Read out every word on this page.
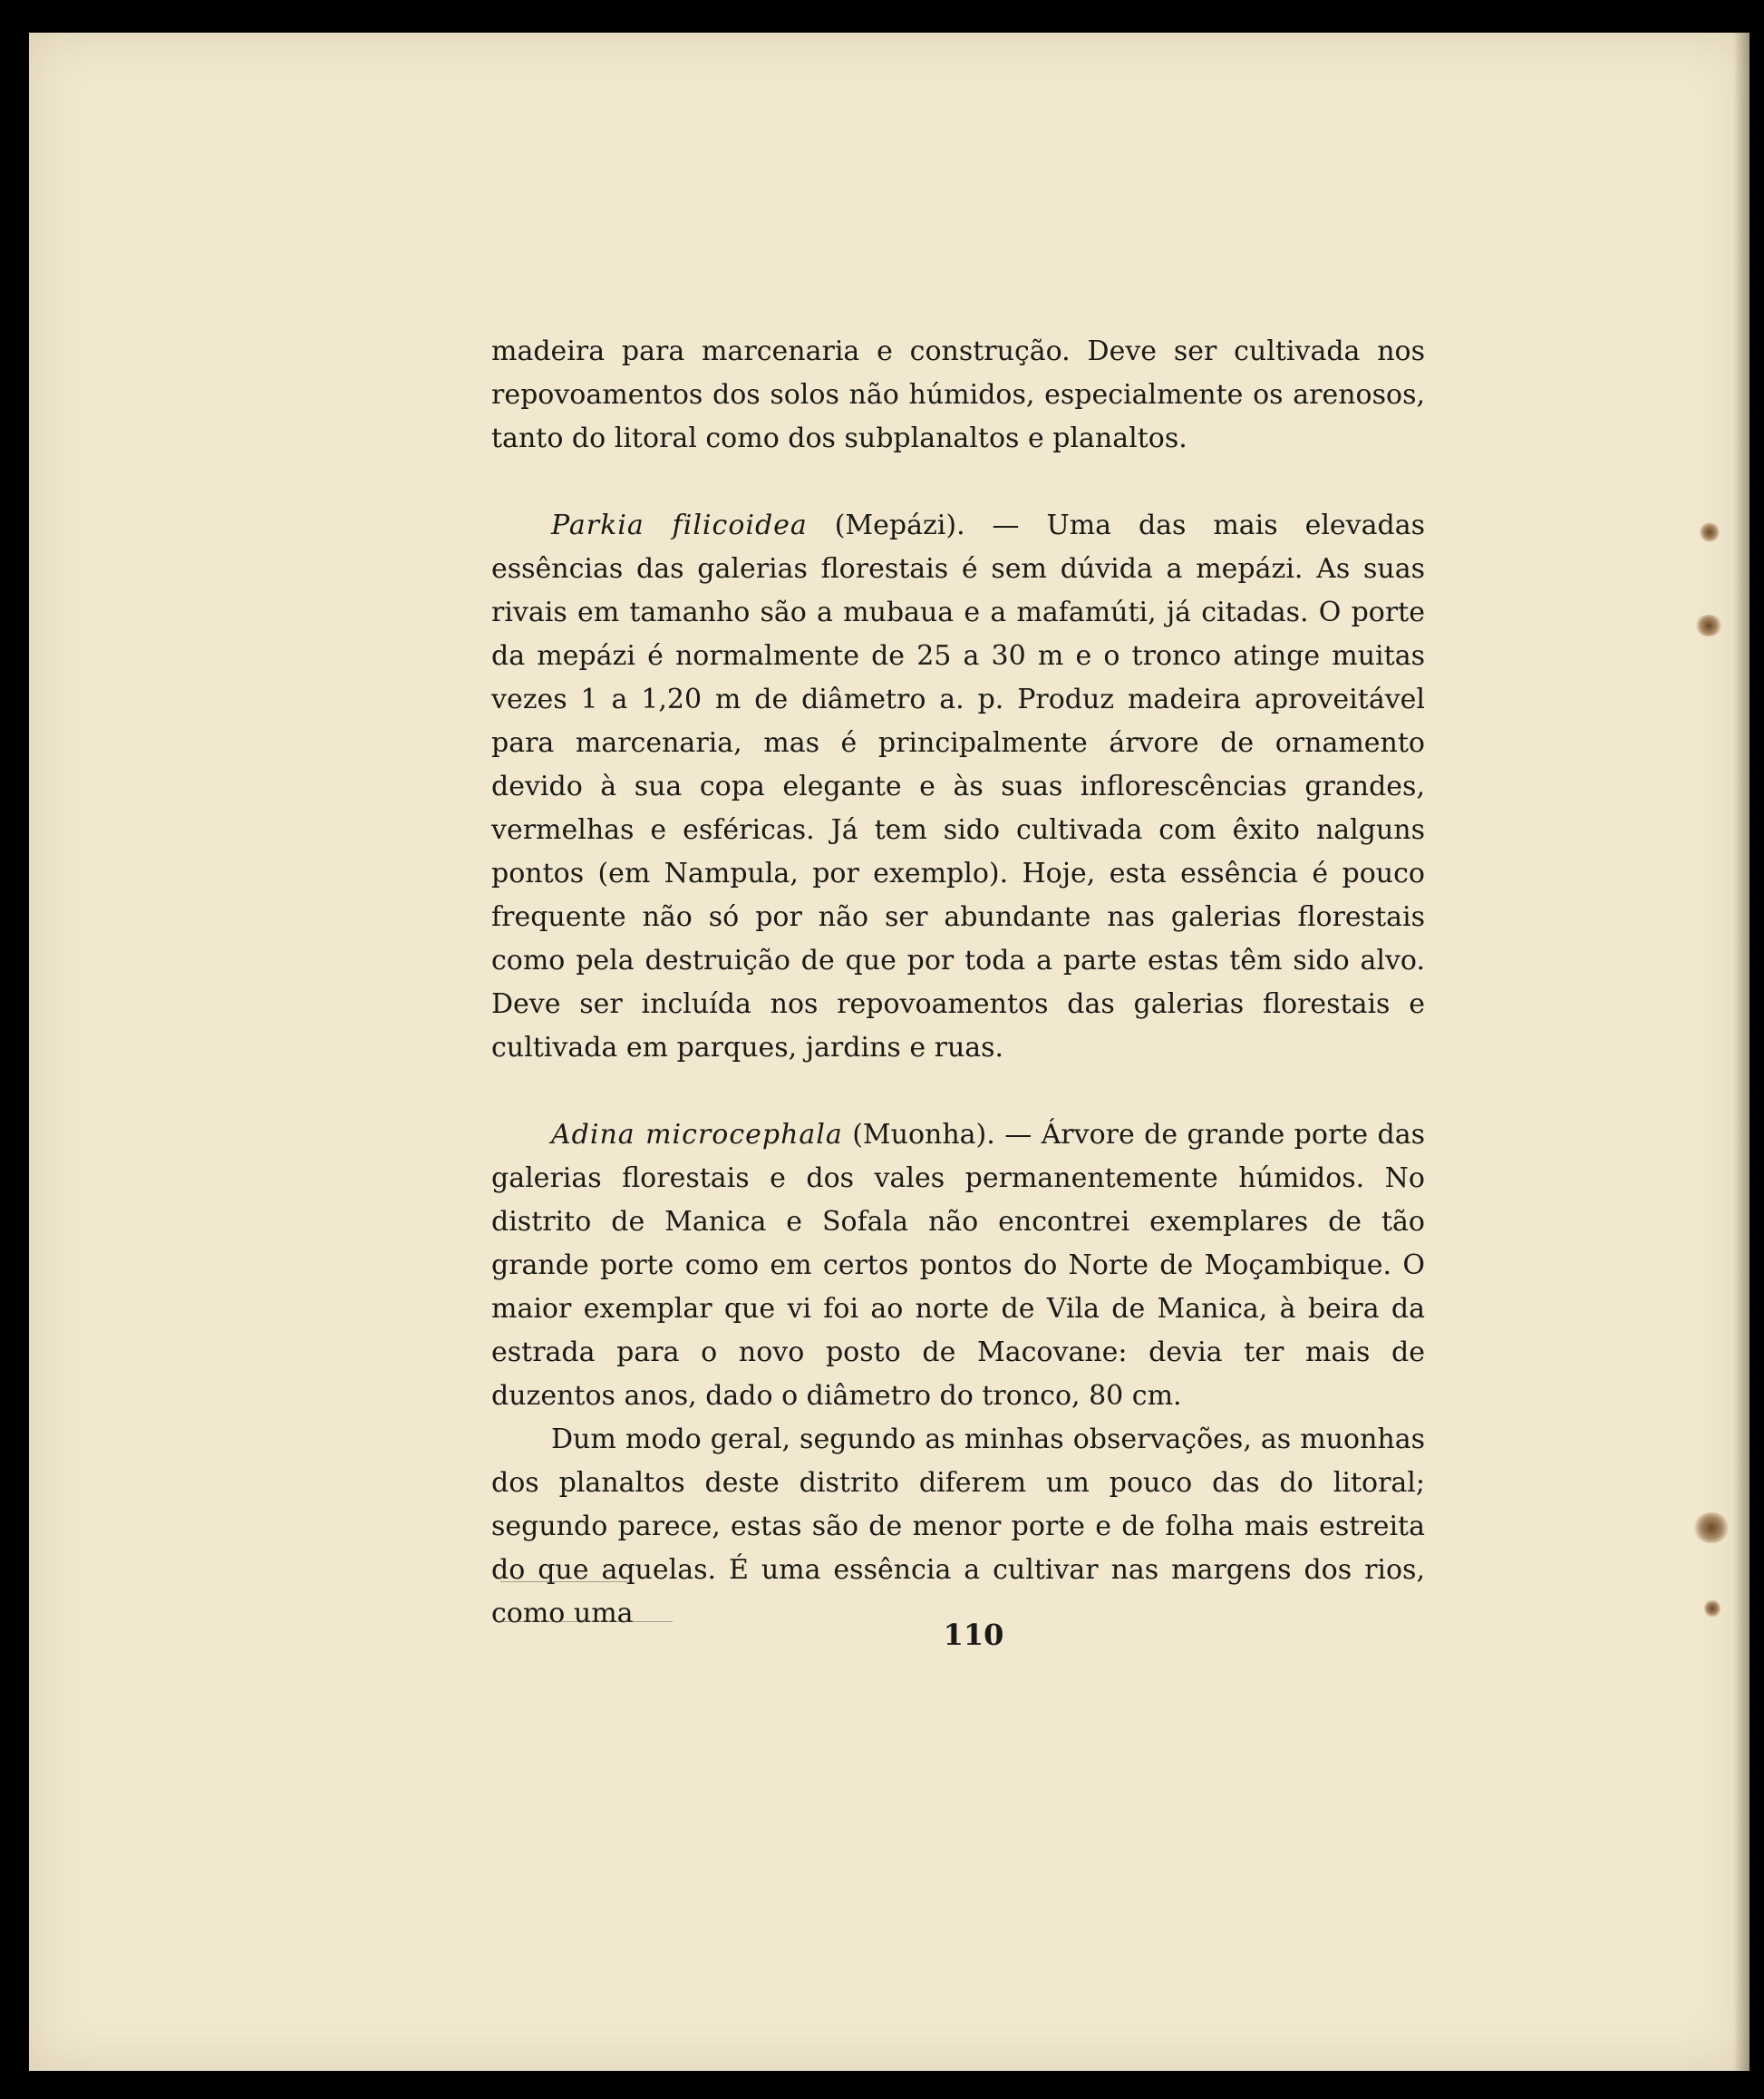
madeira para marcenaria e construção. Deve ser cultivada nos repovoamentos dos solos não húmidos, especialmente os arenosos, tanto do litoral como dos subplanaltos e planaltos.

Parkia filicoidea (Mepázi). — Uma das mais elevadas essências das galerias florestais é sem dúvida a mepázi. As suas rivais em tamanho são a mubaua e a mafamúti, já citadas. O porte da mepázi é normalmente de 25 a 30 m e o tronco atinge muitas vezes 1 a 1,20 m de diâmetro a. p. Produz madeira aproveitável para marcenaria, mas é principalmente árvore de ornamento devido à sua copa elegante e às suas inflorescências grandes, vermelhas e esféricas. Já tem sido cultivada com êxito nalguns pontos (em Nampula, por exemplo). Hoje, esta essência é pouco frequente não só por não ser abundante nas galerias florestais como pela destruição de que por toda a parte estas têm sido alvo. Deve ser incluída nos repovoamentos das galerias florestais e cultivada em parques, jardins e ruas.

Adina microcephala (Muonha). — Árvore de grande porte das galerias florestais e dos vales permanentemente húmidos. No distrito de Manica e Sofala não encontrei exemplares de tão grande porte como em certos pontos do Norte de Moçambique. O maior exemplar que vi foi ao norte de Vila de Manica, à beira da estrada para o novo posto de Macovane: devia ter mais de duzentos anos, dado o diâmetro do tronco, 80 cm.

Dum modo geral, segundo as minhas observações, as muonhas dos planaltos deste distrito diferem um pouco das do litoral; segundo parece, estas são de menor porte e de folha mais estreita do que aquelas. É uma essência a cultivar nas margens dos rios, como uma

110
